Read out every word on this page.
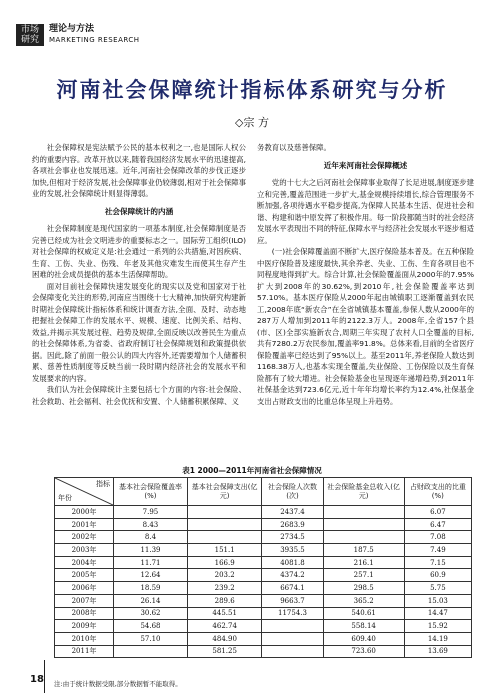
市场
研究
理论与方法
MARKETING RESEARCH
河南社会保障统计指标体系研究与分析
◇宗 方

社会保障权是宪法赋予公民的基本权利之一,也是国际人权公约的重要内容。改革开放以来,随着我国经济发展水平的迅速提高,各项社会事业也发展迅速。近年,河南社会保障改革的步伐正逐步加快,但相对于经济发展,社会保障事业仍较薄弱,相对于社会保障事业的发展,社会保障统计则显得薄弱。

社会保障统计的内涵

社会保障制度是现代国家的一项基本制度,社会保障制度是否完善已经成为社会文明进步的重要标志之一。国际劳工组织(ILO)对社会保障的权威定义是:社会通过一系列的公共措施,对因疾病、生育、工伤、失业、伤残、年老及其他灾难发生而使其生存产生困难的社会成员提供的基本生活保障帮助。

面对目前社会保障快速发展变化的现实以及党和国家对于社会保障变化关注的形势,河南应当围绕十七大精神,加快研究构建新时期社会保障统计指标体系和统计调查方法,全面、及时、动态地把握社会保障工作的发展水平、规模、速度、比例关系、结构、效益,并揭示其发展过程、趋势及规律,全面反映以改善民生为重点的社会保障体系,为省委、省政府制订社会保障规划和政策提供依据。因此,除了前面一般公认的四大内容外,还需要增加个人储蓄积累、慈善性质制度等反映当前一段时期内经济社会的发展水平和发展要求的内容。

我们认为社会保障统计主要包括七个方面的内容:社会保险、社会救助、社会福利、社会优抚和安置、个人储蓄积累保障、义

务教育以及慈善保障。

近年来河南社会保障概述

党的十七大之后河南社会保障事业取得了长足进展,制度逐步建立和完善,覆盖范围进一步扩大,基金规模持续增长,综合管理服务不断加强,各项待遇水平稳步提高,为保障人民基本生活、促进社会和谐、构建和谐中原发挥了积极作用。每一阶段都随当时的社会经济发展水平表现出不同的特征,保障水平与经济社会发展水平逐步相适应。

(一)社会保障覆盖面不断扩大,医疗保险基本普及。在五种保险中医疗保险普及速度最快,其余养老、失业、工伤、生育各项目也不同程度地得到扩大。综合计算,社会保险覆盖面从2000年的7.95%扩大到2008年的30.62%,到2010年,社会保险覆盖率达到57.10%。基本医疗保险从2000年起由城镇职工逐渐覆盖到农民工,2008年底“新农合”在全省城镇基本覆盖,参保人数从2000年的287万人增加到2011年的2122.3万人。2008年,全省157个县(市、区)全部实施新农合,周期三年实现了农村人口全覆盖的目标,共有7280.2万农民参加,覆盖率91.8%。总体来看,目前的全省医疗保险覆盖率已经达到了95%以上。基至2011年,养老保险人数达到1168.38万人,也基本实现全覆盖,失业保险、工伤保险以及生育保险都有了较大增进。社会保险基金也呈现逐年递增趋势,到2011年社保基金达到723.6亿元,近十年年均增长率约为12.4%,社保基金支出占财政支出的比重总体呈现上升趋势。

表1 2000—2011年河南省社会保障情况
指标
年份	基本社会保险覆盖率(%)	基本社会保障支出(亿元)	社会保险人次数(次)	社会保险基金总收入(亿元)	占财政支出的比重(%)
2000年	7.95		2437.4		6.07
2001年	8.43		2683.9		6.47
2002年	8.4		2734.5		7.08
2003年	11.39	151.1	3935.5	187.5	7.49
2004年	11.71	166.9	4081.8	216.1	7.15
2005年	12.64	203.2	4374.2	257.1	60.9
2006年	18.59	239.2	6674.1	298.5	5.75
2007年	26.14	289.6	9663.7	365.2	15.03
2008年	30.62	445.51	11754.3	540.61	14.47
2009年	54.68	462.74		558.14	15.92
2010年	57.10	484.90		609.40	14.19
2011年		581.25		723.60	13.69
注:由于统计数据受限,部分数据暂不能取得。
18
